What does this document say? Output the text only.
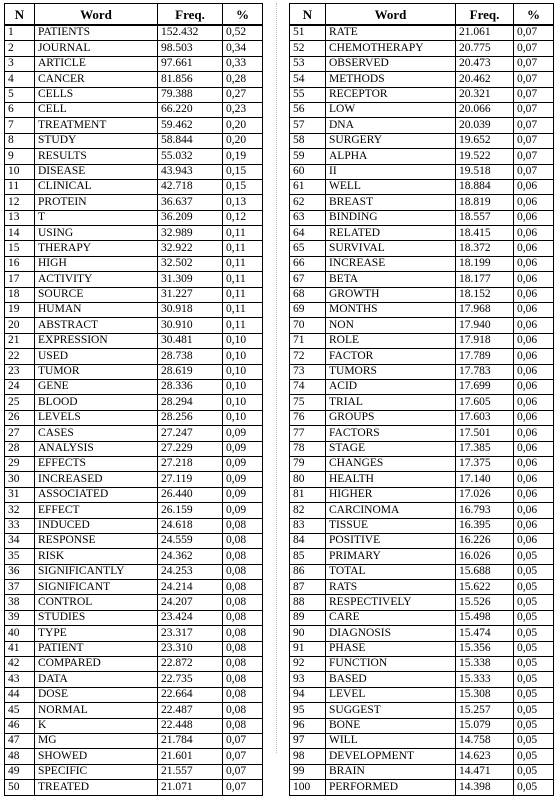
N	Word	Freq.	%
1	PATIENTS	152.432	0,52
2	JOURNAL	98.503	0,34
3	ARTICLE	97.661	0,33
4	CANCER	81.856	0,28
5	CELLS	79.388	0,27
6	CELL	66.220	0,23
7	TREATMENT	59.462	0,20
8	STUDY	58.844	0,20
9	RESULTS	55.032	0,19
10	DISEASE	43.943	0,15
11	CLINICAL	42.718	0,15
12	PROTEIN	36.637	0,13
13	T	36.209	0,12
14	USING	32.989	0,11
15	THERAPY	32.922	0,11
16	HIGH	32.502	0,11
17	ACTIVITY	31.309	0,11
18	SOURCE	31.227	0,11
19	HUMAN	30.918	0,11
20	ABSTRACT	30.910	0,11
21	EXPRESSION	30.481	0,10
22	USED	28.738	0,10
23	TUMOR	28.619	0,10
24	GENE	28.336	0,10
25	BLOOD	28.294	0,10
26	LEVELS	28.256	0,10
27	CASES	27.247	0,09
28	ANALYSIS	27.229	0,09
29	EFFECTS	27.218	0,09
30	INCREASED	27.119	0,09
31	ASSOCIATED	26.440	0,09
32	EFFECT	26.159	0,09
33	INDUCED	24.618	0,08
34	RESPONSE	24.559	0,08
35	RISK	24.362	0,08
36	SIGNIFICANTLY	24.253	0,08
37	SIGNIFICANT	24.214	0,08
38	CONTROL	24.207	0,08
39	STUDIES	23.424	0,08
40	TYPE	23.317	0,08
41	PATIENT	23.310	0,08
42	COMPARED	22.872	0,08
43	DATA	22.735	0,08
44	DOSE	22.664	0,08
45	NORMAL	22.487	0,08
46	K	22.448	0,08
47	MG	21.784	0,07
48	SHOWED	21.601	0,07
49	SPECIFIC	21.557	0,07
50	TREATED	21.071	0,07
N	Word	Freq.	%
51	RATE	21.061	0,07
52	CHEMOTHERAPY	20.775	0,07
53	OBSERVED	20.473	0,07
54	METHODS	20.462	0,07
55	RECEPTOR	20.321	0,07
56	LOW	20.066	0,07
57	DNA	20.039	0,07
58	SURGERY	19.652	0,07
59	ALPHA	19.522	0,07
60	II	19.518	0,07
61	WELL	18.884	0,06
62	BREAST	18.819	0,06
63	BINDING	18.557	0,06
64	RELATED	18.415	0,06
65	SURVIVAL	18.372	0,06
66	INCREASE	18.199	0,06
67	BETA	18.177	0,06
68	GROWTH	18.152	0,06
69	MONTHS	17.968	0,06
70	NON	17.940	0,06
71	ROLE	17.918	0,06
72	FACTOR	17.789	0,06
73	TUMORS	17.783	0,06
74	ACID	17.699	0,06
75	TRIAL	17.605	0,06
76	GROUPS	17.603	0,06
77	FACTORS	17.501	0,06
78	STAGE	17.385	0,06
79	CHANGES	17.375	0,06
80	HEALTH	17.140	0,06
81	HIGHER	17.026	0,06
82	CARCINOMA	16.793	0,06
83	TISSUE	16.395	0,06
84	POSITIVE	16.226	0,06
85	PRIMARY	16.026	0,05
86	TOTAL	15.688	0,05
87	RATS	15.622	0,05
88	RESPECTIVELY	15.526	0,05
89	CARE	15.498	0,05
90	DIAGNOSIS	15.474	0,05
91	PHASE	15.356	0,05
92	FUNCTION	15.338	0,05
93	BASED	15.333	0,05
94	LEVEL	15.308	0,05
95	SUGGEST	15.257	0,05
96	BONE	15.079	0,05
97	WILL	14.758	0,05
98	DEVELOPMENT	14.623	0,05
99	BRAIN	14.471	0,05
100	PERFORMED	14.398	0,05
